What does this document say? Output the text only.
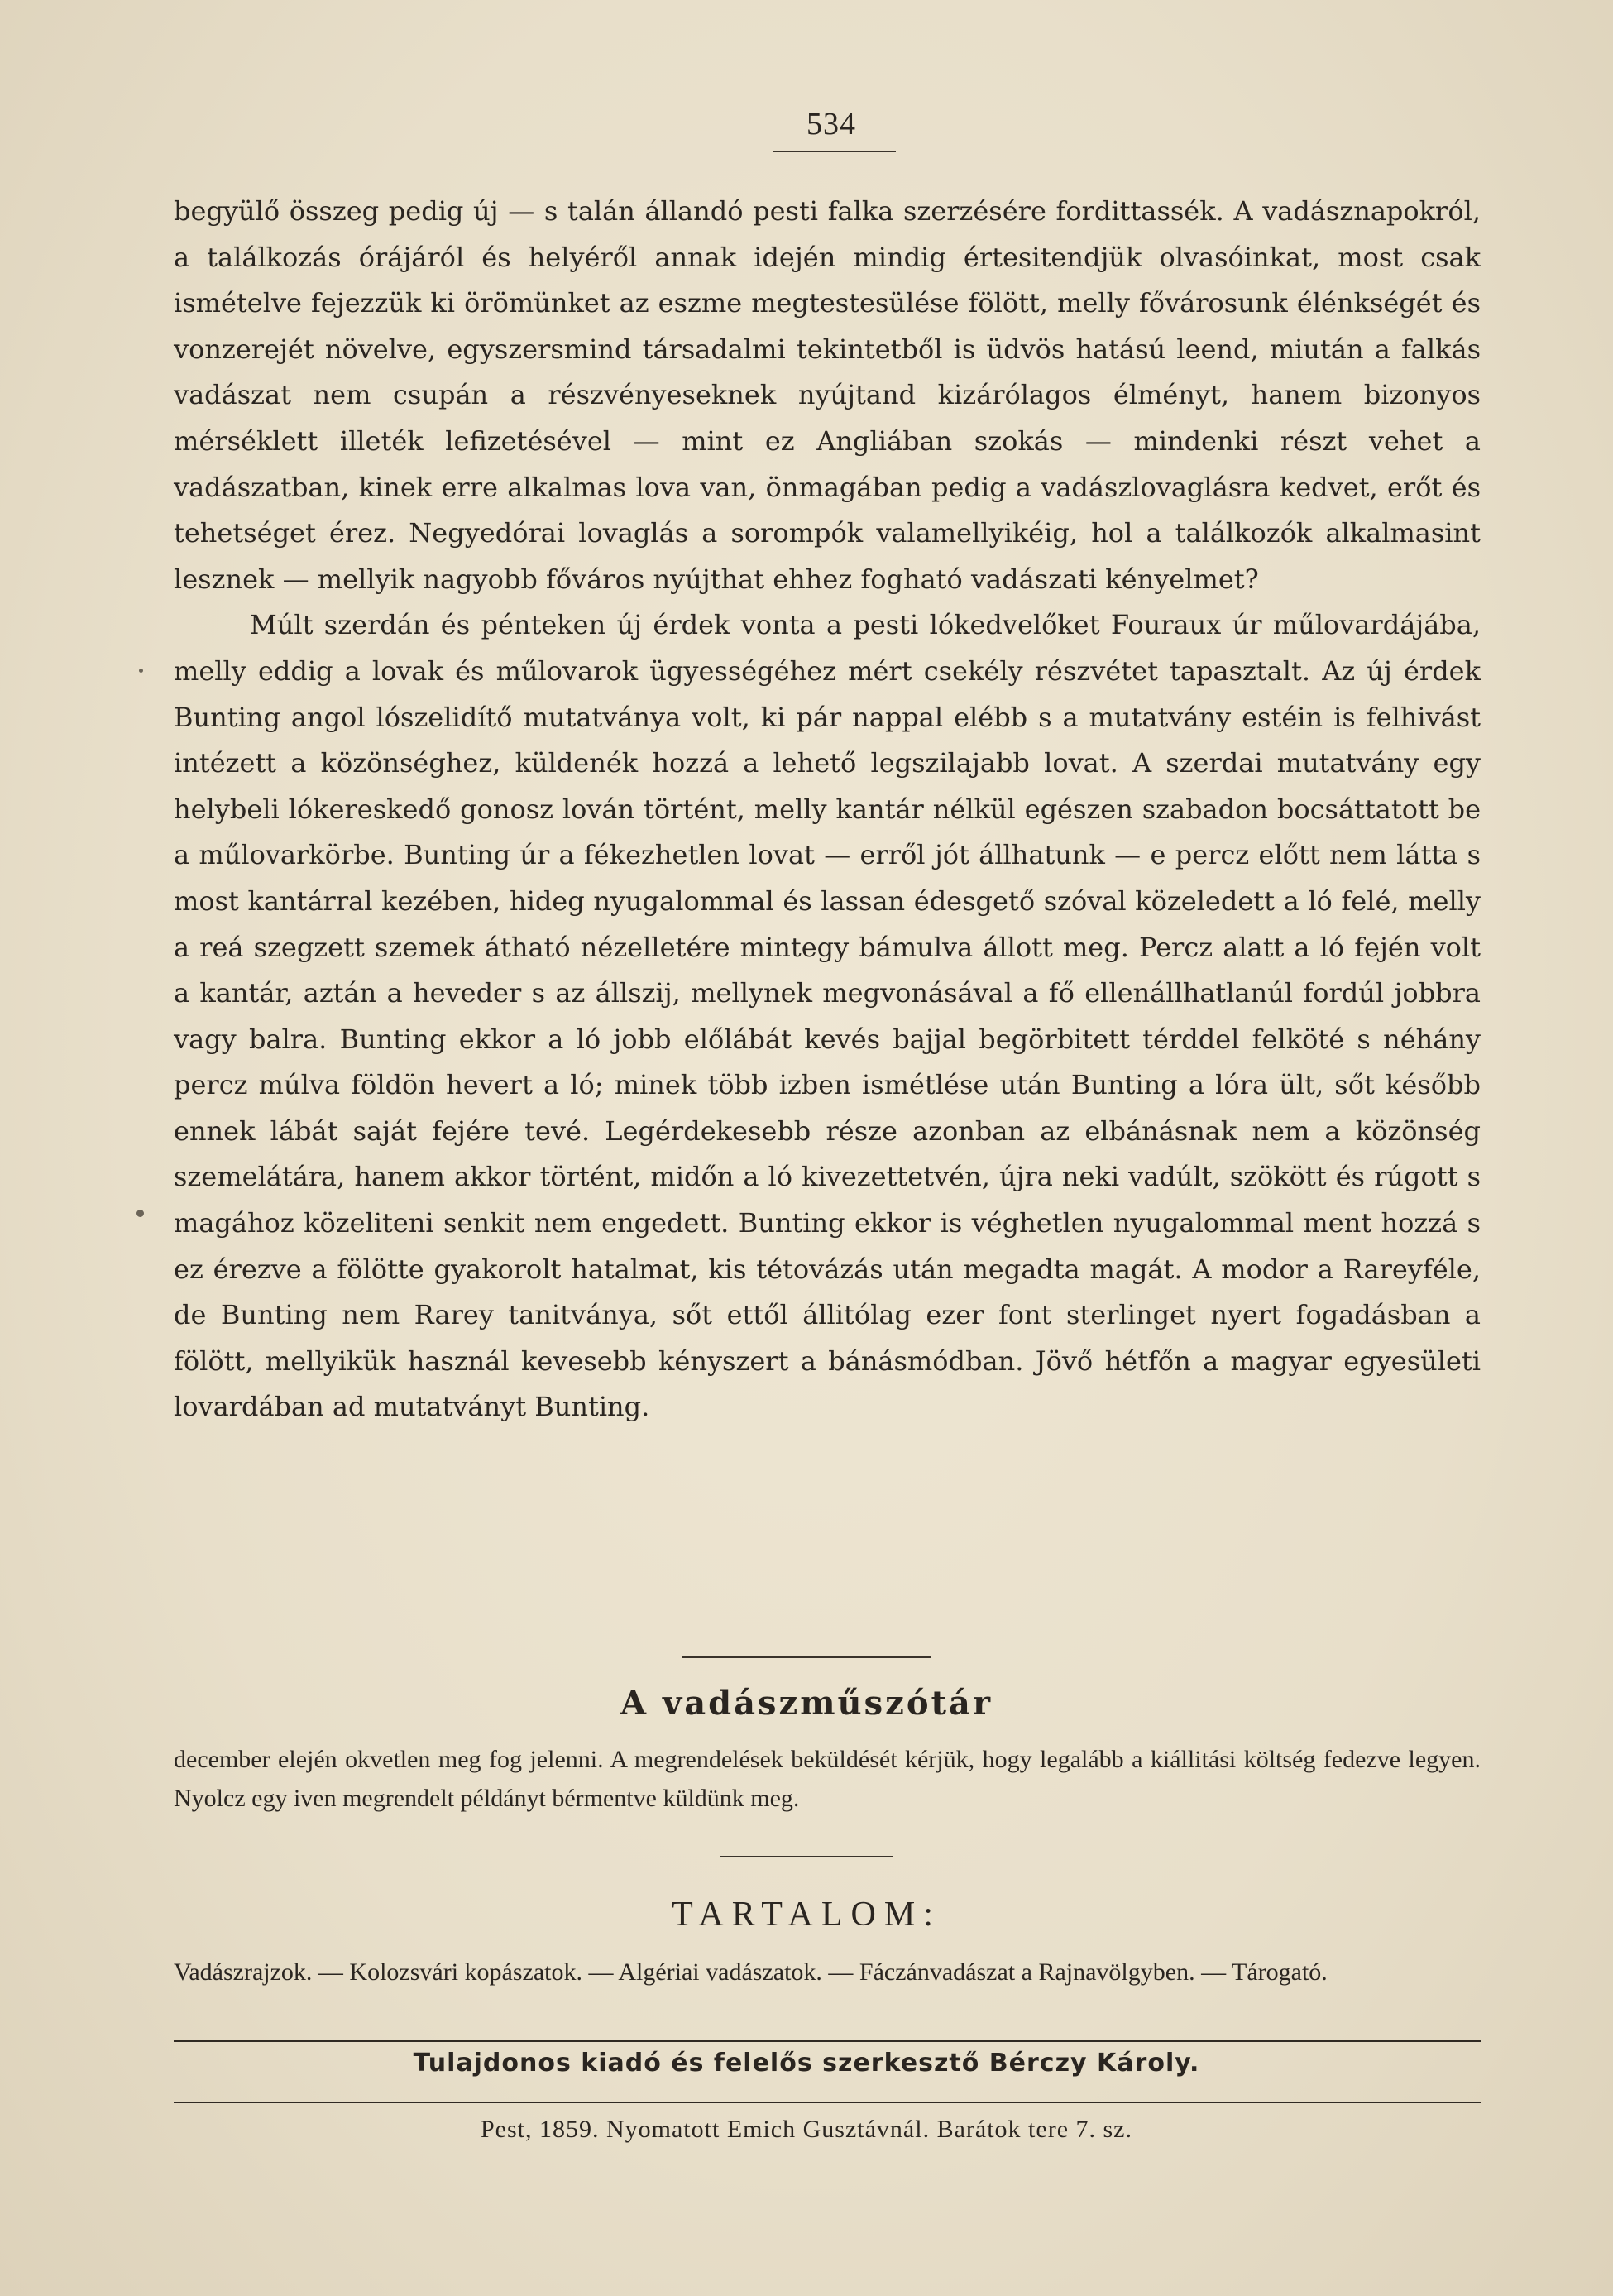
534

begyülő összeg pedig új — s talán állandó pesti falka szerzésére fordittassék. A vadásznapokról, a találkozás órájáról és helyéről annak idején mindig értesitendjük olvasóinkat, most csak ismételve fejezzük ki örömünket az eszme megtestesülése fölött, melly fővárosunk élénkségét és vonzerejét növelve, egyszersmind társadalmi tekintetből is üdvös hatású leend, miután a falkás vadászat nem csupán a részvényeseknek nyújtand kizárólagos élményt, hanem bizonyos mérséklett illeték lefizetésével — mint ez Angliában szokás — mindenki részt vehet a vadászatban, kinek erre alkalmas lova van, önmagában pedig a vadászlovaglásra kedvet, erőt és tehetséget érez. Negyedórai lovaglás a sorompók valamellyikéig, hol a találkozók alkalmasint lesznek — mellyik nagyobb főváros nyújthat ehhez fogható vadászati kényelmet?

Múlt szerdán és pénteken új érdek vonta a pesti lókedvelőket Fouraux úr műlovardájába, melly eddig a lovak és műlovarok ügyességéhez mért csekély részvétet tapasztalt. Az új érdek Bunting angol lószelidítő mutatványa volt, ki pár nappal elébb s a mutatvány estéin is felhivást intézett a közönséghez, küldenék hozzá a lehető legszilajabb lovat. A szerdai mutatvány egy helybeli lókereskedő gonosz lován történt, melly kantár nélkül egészen szabadon bocsáttatott be a műlovarkörbe. Bunting úr a fékezhetlen lovat — erről jót állhatunk — e percz előtt nem látta s most kantárral kezében, hideg nyugalommal és lassan édesgető szóval közeledett a ló felé, melly a reá szegzett szemek átható nézelletére mintegy bámulva állott meg. Percz alatt a ló fején volt a kantár, aztán a heveder s az állszij, mellynek megvonásával a fő ellenállhatlanúl fordúl jobbra vagy balra. Bunting ekkor a ló jobb előlábát kevés bajjal begörbitett térddel felköté s néhány percz múlva földön hevert a ló; minek több izben ismétlése után Bunting a lóra ült, sőt később ennek lábát saját fejére tevé. Legérdekesebb része azonban az elbánásnak nem a közönség szemelátára, hanem akkor történt, midőn a ló kivezettetvén, újra neki vadúlt, szökött és rúgott s magához közeliteni senkit nem engedett. Bunting ekkor is véghetlen nyugalommal ment hozzá s ez érezve a fölötte gyakorolt hatalmat, kis tétovázás után megadta magát. A modor a Rareyféle, de Bunting nem Rarey tanitványa, sőt ettől állitólag ezer font sterlinget nyert fogadásban a fölött, mellyikük használ kevesebb kényszert a bánásmódban. Jövő hétfőn a magyar egyesületi lovardában ad mutatványt Bunting.

A vadászműszótár
december elején okvetlen meg fog jelenni. A megrendelések beküldését kérjük, hogy legalább a kiállitási költség fedezve legyen. Nyolcz egy iven megrendelt példányt bérmentve küldünk meg.
TARTALOM:
Vadászrajzok. — Kolozsvári kopászatok. — Algériai vadászatok. — Fáczánvadászat a Rajnavölgyben. — Tárogató.
Tulajdonos kiadó és felelős szerkesztő Bérczy Károly.
Pest, 1859. Nyomatott Emich Gusztávnál. Barátok tere 7. sz.
